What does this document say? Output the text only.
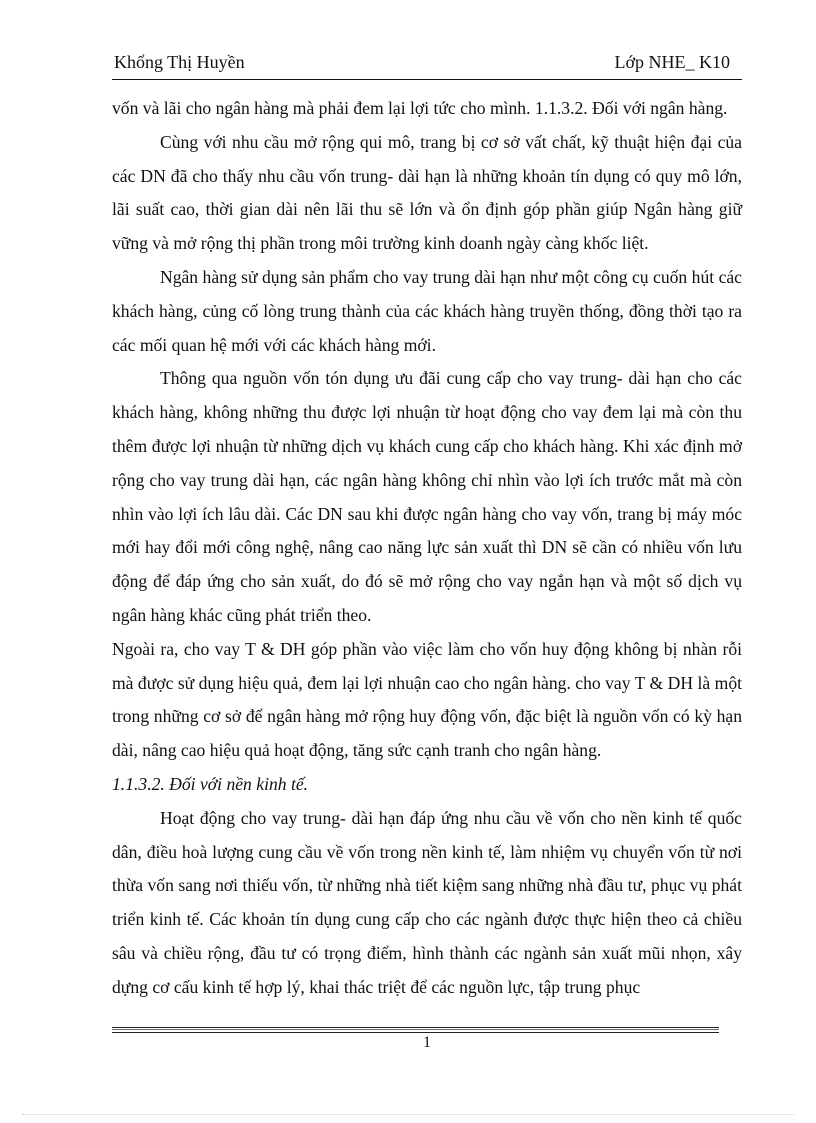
Khổng Thị Huyền	Lớp NHE_ K10

vốn và lãi cho ngân hàng mà phải đem lại lợi tức cho mình. 1.1.3.2. Đối với ngân hàng.

Cùng với nhu cầu mở rộng qui mô, trang bị cơ sở vất chất, kỹ thuật hiện đại của các DN đã cho thấy nhu cầu vốn trung- dài hạn là những khoản tín dụng có quy mô lớn, lãi suất cao, thời gian dài nên lãi thu sẽ lớn và ổn định góp phần giúp Ngân hàng giữ vững và mở rộng thị phần trong môi trường kinh doanh ngày càng khốc liệt.

Ngân hàng sử dụng sản phẩm cho vay trung dài hạn như một công cụ cuốn hút các khách hàng, củng cố lòng trung thành của các khách hàng truyền thống, đồng thời tạo ra các mối quan hệ mới với các khách hàng mới.

Thông qua nguồn vốn tón dụng ưu đãi cung cấp cho vay trung- dài hạn cho các khách hàng, không những thu được lợi nhuận từ hoạt động cho vay đem lại mà còn thu thêm được lợi nhuận từ những dịch vụ khách cung cấp cho khách hàng. Khi xác định mở rộng cho vay trung dài hạn, các ngân hàng không chỉ nhìn vào lợi ích trước mắt mà còn nhìn vào lợi ích lâu dài. Các DN sau khi được ngân hàng cho vay vốn, trang bị máy móc mới hay đổi mới công nghệ, nâng cao năng lực sản xuất thì DN sẽ cần có nhiều vốn lưu động để đáp ứng cho sản xuất, do đó sẽ mở rộng cho vay ngắn hạn và một số dịch vụ ngân hàng khác cũng phát triển theo.

Ngoài ra, cho vay T & DH góp phần vào việc làm cho vốn huy động không bị nhàn rỗi mà được sử dụng hiệu quả, đem lại lợi nhuận cao cho ngân hàng. cho vay T & DH là một trong những cơ sở để ngân hàng mở rộng huy động vốn, đặc biệt là nguồn vốn có kỳ hạn dài, nâng cao hiệu quả hoạt động, tăng sức cạnh tranh cho ngân hàng.

1.1.3.2. Đối với nền kinh tế.

Hoạt động cho vay trung- dài hạn đáp ứng nhu cầu về vốn cho nền kinh tế quốc dân, điều hoà lượng cung cầu về vốn trong nền kinh tế, làm nhiệm vụ chuyển vốn từ nơi thừa vốn sang nơi thiếu vốn, từ những nhà tiết kiệm sang những nhà đầu tư, phục vụ phát triển kinh tế. Các khoản tín dụng cung cấp cho các ngành được thực hiện theo cả chiều sâu và chiều rộng, đầu tư có trọng điểm, hình thành các ngành sản xuất mũi nhọn, xây dựng cơ cấu kinh tế hợp lý, khai thác triệt để các nguồn lực, tập trung phục

1
